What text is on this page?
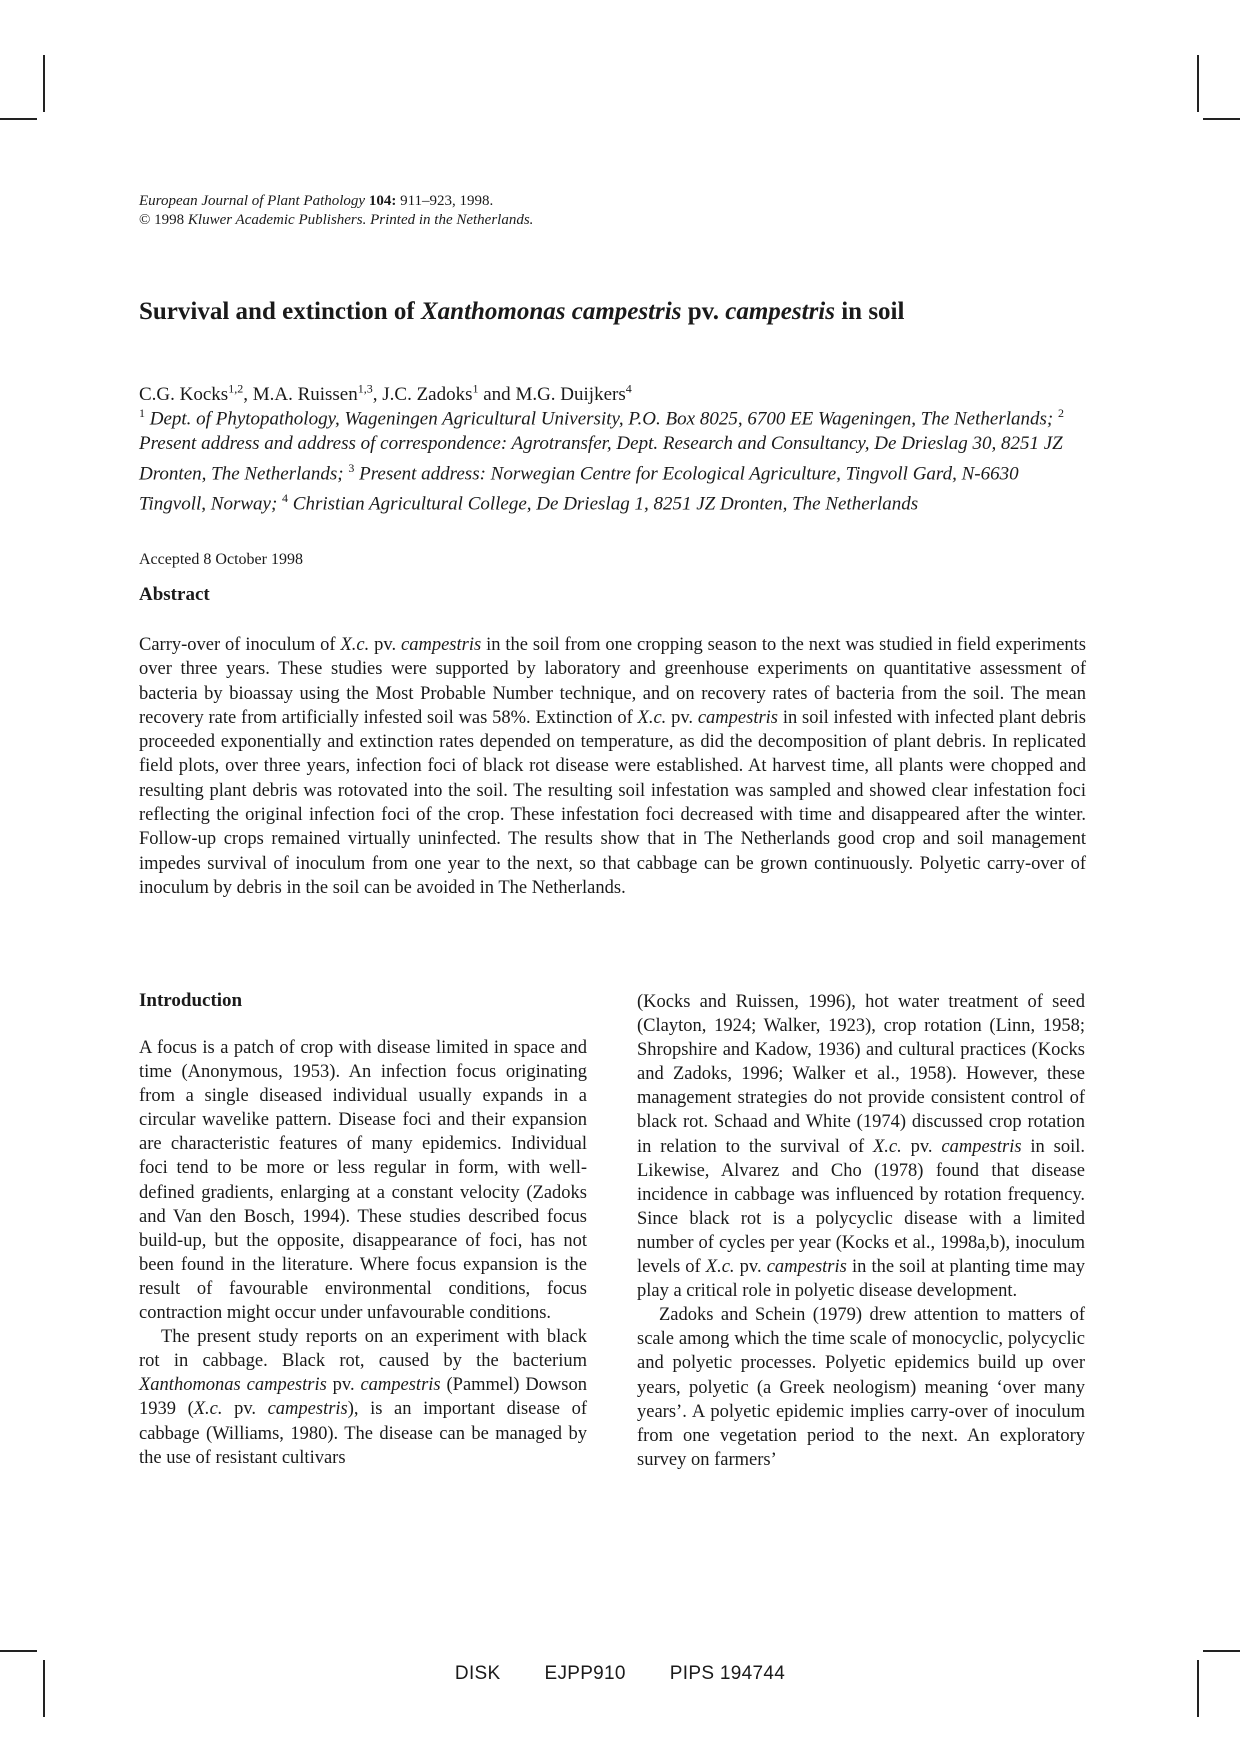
European Journal of Plant Pathology 104: 911–923, 1998.
© 1998 Kluwer Academic Publishers. Printed in the Netherlands.
Survival and extinction of Xanthomonas campestris pv. campestris in soil
C.G. Kocks$^{1,2}$, M.A. Ruissen$^{1,3}$, J.C. Zadoks$^1$ and M.G. Duijkers$^4$
$^1$ Dept. of Phytopathology, Wageningen Agricultural University, P.O. Box 8025, 6700 EE Wageningen, The Netherlands; $^2$ Present address and address of correspondence: Agrotransfer, Dept. Research and Consultancy, De Drieslag 30, 8251 JZ Dronten, The Netherlands; $^3$ Present address: Norwegian Centre for Ecological Agriculture, Tingvoll Gard, N-6630 Tingvoll, Norway; $^4$ Christian Agricultural College, De Drieslag 1, 8251 JZ Dronten, The Netherlands
Accepted 8 October 1998
Abstract

Carry-over of inoculum of X.c. pv. campestris in the soil from one cropping season to the next was studied in field experiments over three years. These studies were supported by laboratory and greenhouse experiments on quantitative assessment of bacteria by bioassay using the Most Probable Number technique, and on recovery rates of bacteria from the soil. The mean recovery rate from artificially infested soil was 58%. Extinction of X.c. pv. campestris in soil infested with infected plant debris proceeded exponentially and extinction rates depended on temperature, as did the decomposition of plant debris. In replicated field plots, over three years, infection foci of black rot disease were established. At harvest time, all plants were chopped and resulting plant debris was rotovated into the soil. The resulting soil infestation was sampled and showed clear infestation foci reflecting the original infection foci of the crop. These infestation foci decreased with time and disappeared after the winter. Follow-up crops remained virtually uninfected. The results show that in The Netherlands good crop and soil management impedes survival of inoculum from one year to the next, so that cabbage can be grown continuously. Polyetic carry-over of inoculum by debris in the soil can be avoided in The Netherlands.

Introduction

A focus is a patch of crop with disease limited in space and time (Anonymous, 1953). An infection focus originating from a single diseased individual usually expands in a circular wavelike pattern. Disease foci and their expansion are characteristic features of many epidemics. Individual foci tend to be more or less regular in form, with well-defined gradients, enlarging at a constant velocity (Zadoks and Van den Bosch, 1994). These studies described focus build-up, but the opposite, disappearance of foci, has not been found in the literature. Where focus expansion is the result of favourable environmental conditions, focus contraction might occur under unfavourable conditions.

The present study reports on an experiment with black rot in cabbage. Black rot, caused by the bacterium Xanthomonas campestris pv. campestris (Pammel) Dowson 1939 (X.c. pv. campestris), is an important disease of cabbage (Williams, 1980). The disease can be managed by the use of resistant cultivars

(Kocks and Ruissen, 1996), hot water treatment of seed (Clayton, 1924; Walker, 1923), crop rotation (Linn, 1958; Shropshire and Kadow, 1936) and cultural practices (Kocks and Zadoks, 1996; Walker et al., 1958). However, these management strategies do not provide consistent control of black rot. Schaad and White (1974) discussed crop rotation in relation to the survival of X.c. pv. campestris in soil. Likewise, Alvarez and Cho (1978) found that disease incidence in cabbage was influenced by rotation frequency. Since black rot is a polycyclic disease with a limited number of cycles per year (Kocks et al., 1998a,b), inoculum levels of X.c. pv. campestris in the soil at planting time may play a critical role in polyetic disease development.

Zadoks and Schein (1979) drew attention to matters of scale among which the time scale of monocyclic, polycyclic and polyetic processes. Polyetic epidemics build up over years, polyetic (a Greek neologism) meaning ‘over many years’. A polyetic epidemic implies carry-over of inoculum from one vegetation period to the next. An exploratory survey on farmers’

DISK EJPP910 PIPS 194744
